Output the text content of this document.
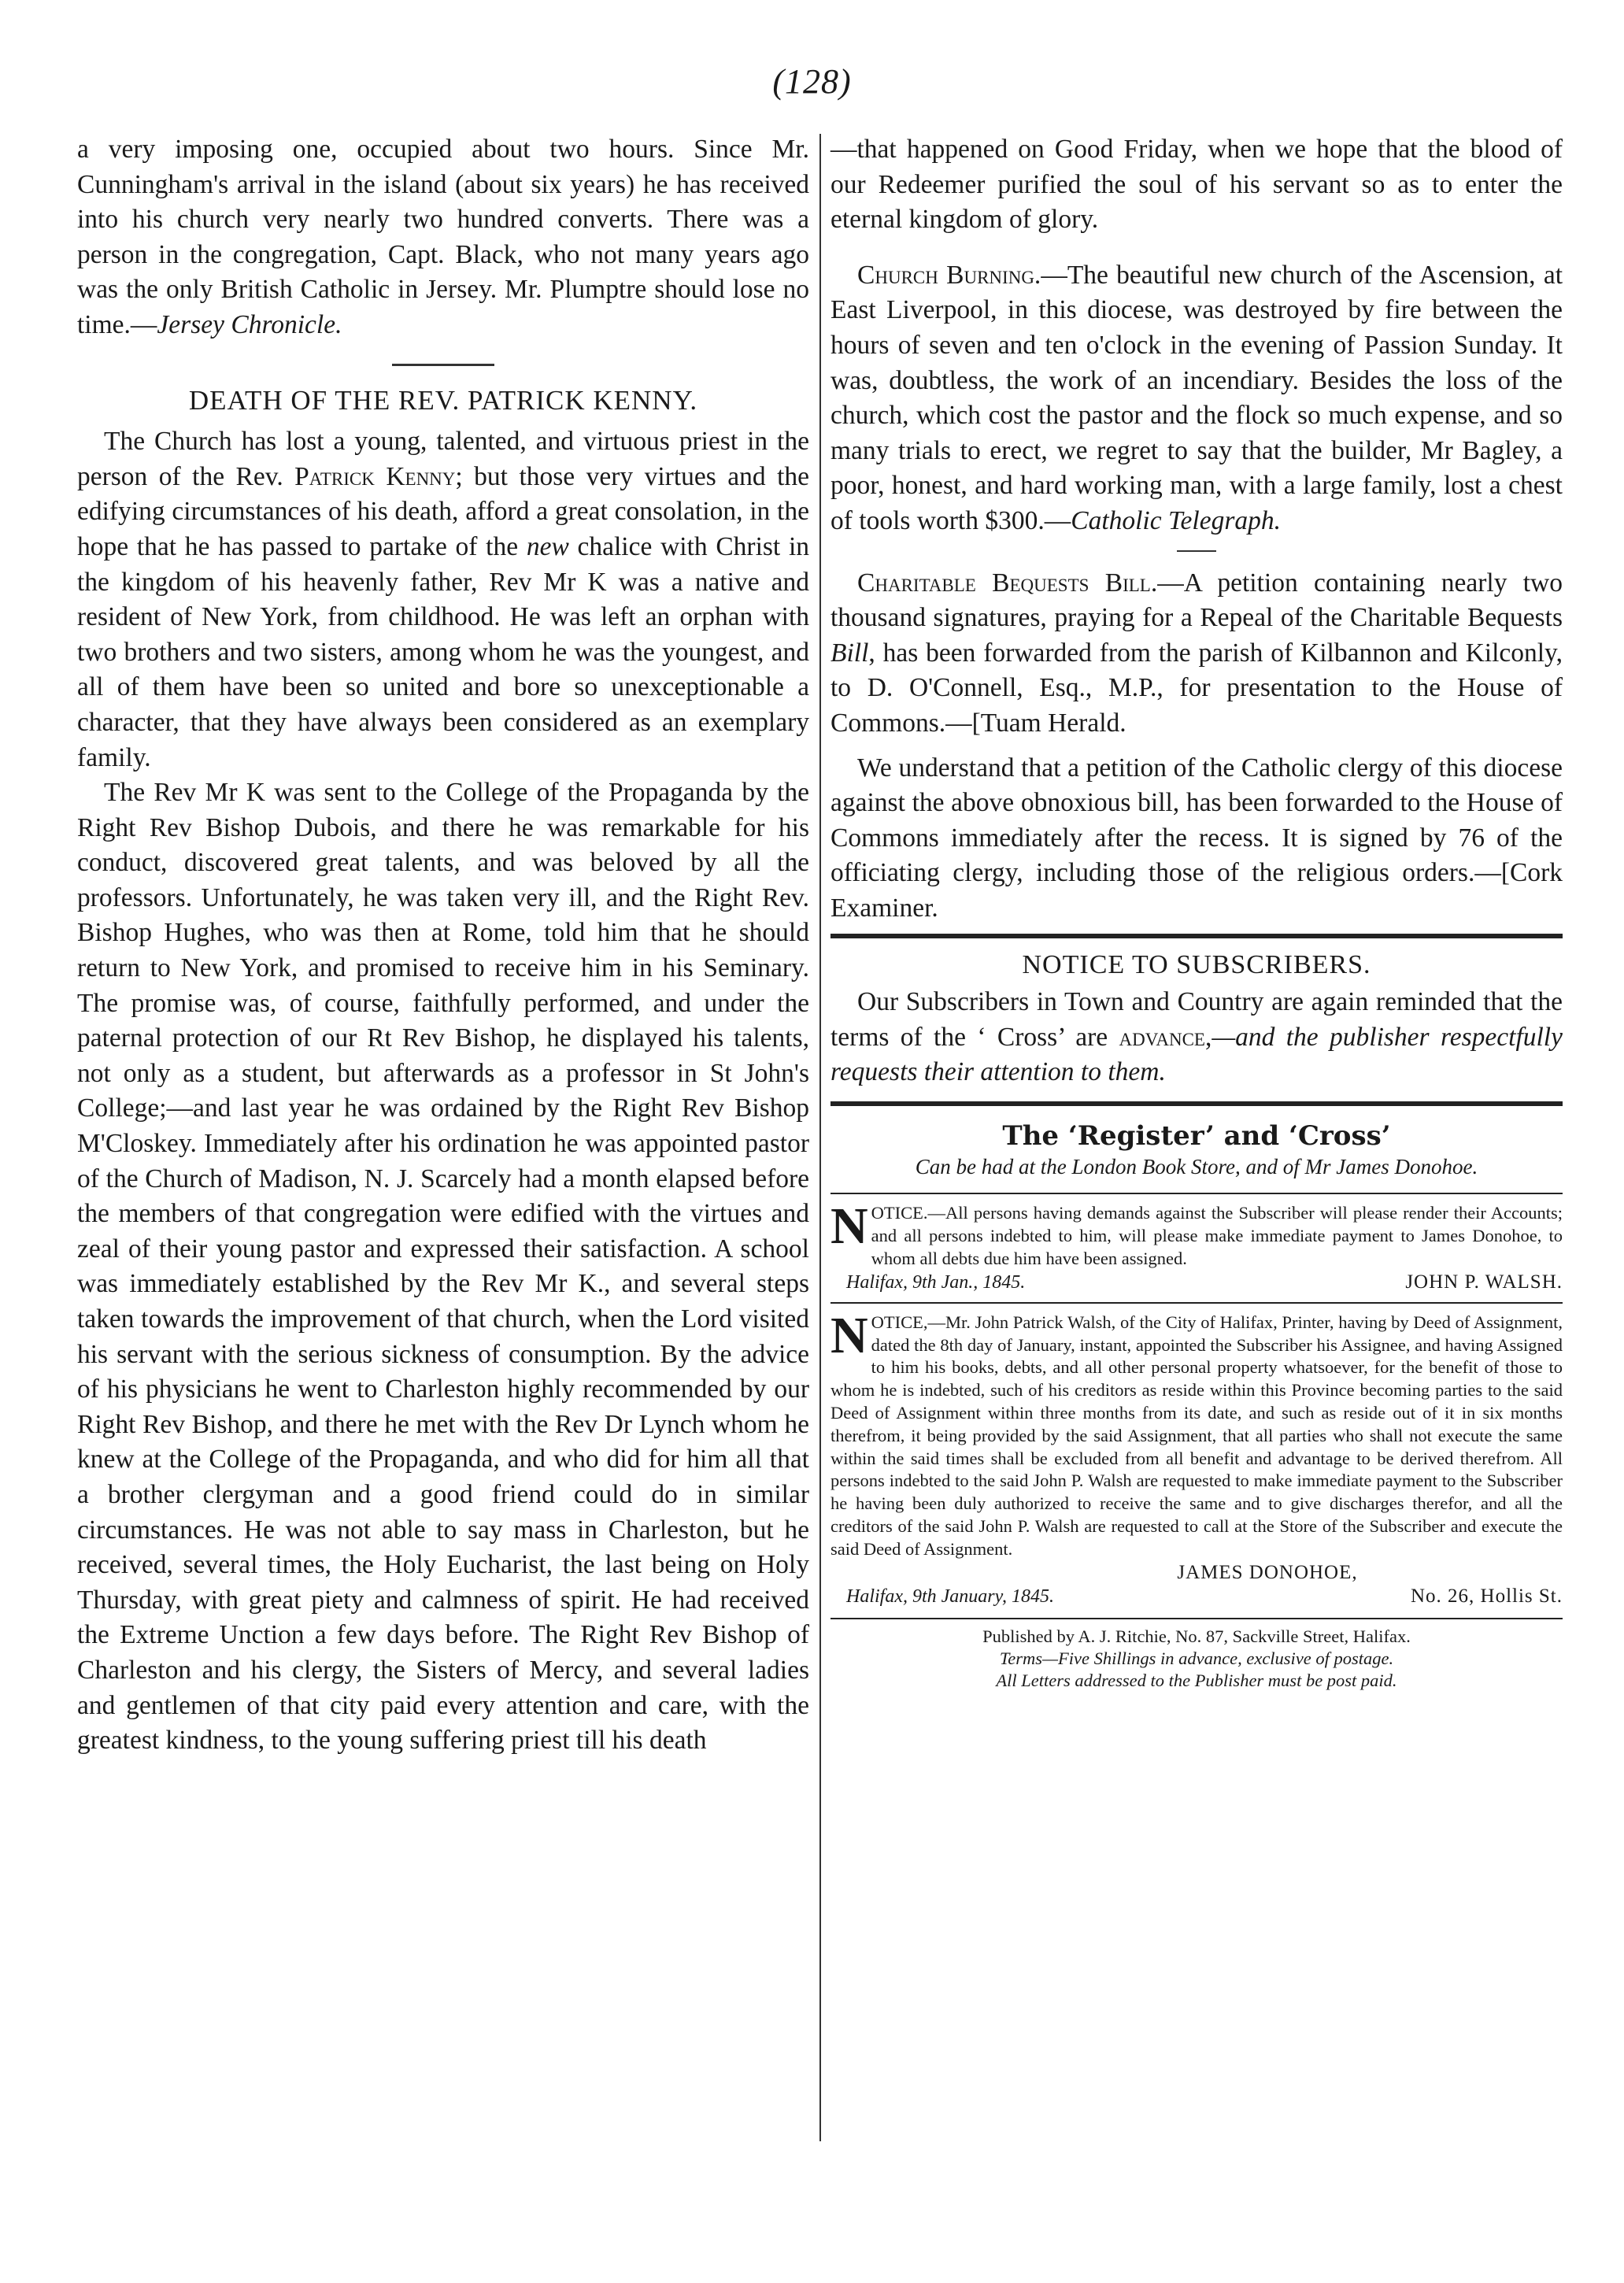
(128)

a very imposing one, occupied about two hours. Since Mr. Cunningham's arrival in the island (about six years) he has received into his church very nearly two hundred converts. There was a person in the congregation, Capt. Black, who not many years ago was the only British Catholic in Jersey. Mr. Plumptre should lose no time.—Jersey Chronicle.

DEATH OF THE REV. PATRICK KENNY.

The Church has lost a young, talented, and virtuous priest in the person of the Rev. Patrick Kenny; but those very virtues and the edifying circumstances of his death, afford a great consolation, in the hope that he has passed to partake of the new chalice with Christ in the kingdom of his heavenly father, Rev Mr K was a native and resident of New York, from childhood. He was left an orphan with two brothers and two sisters, among whom he was the youngest, and all of them have been so united and bore so unexceptionable a character, that they have always been considered as an exemplary family.

The Rev Mr K was sent to the College of the Propaganda by the Right Rev Bishop Dubois, and there he was remarkable for his conduct, discovered great talents, and was beloved by all the professors. Unfortunately, he was taken very ill, and the Right Rev. Bishop Hughes, who was then at Rome, told him that he should return to New York, and promised to receive him in his Seminary. The promise was, of course, faithfully performed, and under the paternal protection of our Rt Rev Bishop, he displayed his talents, not only as a student, but afterwards as a professor in St John's College;—and last year he was ordained by the Right Rev Bishop M'Closkey. Immediately after his ordination he was appointed pastor of the Church of Madison, N. J. Scarcely had a month elapsed before the members of that congregation were edified with the virtues and zeal of their young pastor and expressed their satisfaction. A school was immediately established by the Rev Mr K., and several steps taken towards the improvement of that church, when the Lord visited his servant with the serious sickness of consumption. By the advice of his physicians he went to Charleston highly recommended by our Right Rev Bishop, and there he met with the Rev Dr Lynch whom he knew at the College of the Propaganda, and who did for him all that a brother clergyman and a good friend could do in similar circumstances. He was not able to say mass in Charleston, but he received, several times, the Holy Eucharist, the last being on Holy Thursday, with great piety and calmness of spirit. He had received the Extreme Unction a few days before. The Right Rev Bishop of Charleston and his clergy, the Sisters of Mercy, and several ladies and gentlemen of that city paid every attention and care, with the greatest kindness, to the young suffering priest till his death

—that happened on Good Friday, when we hope that the blood of our Redeemer purified the soul of his servant so as to enter the eternal kingdom of glory.

Church Burning.—The beautiful new church of the Ascension, at East Liverpool, in this diocese, was destroyed by fire between the hours of seven and ten o'clock in the evening of Passion Sunday. It was, doubtless, the work of an incendiary. Besides the loss of the church, which cost the pastor and the flock so much expense, and so many trials to erect, we regret to say that the builder, Mr Bagley, a poor, honest, and hard working man, with a large family, lost a chest of tools worth $300.—Catholic Telegraph.

Charitable Bequests Bill.—A petition containing nearly two thousand signatures, praying for a Repeal of the Charitable Bequests Bill, has been forwarded from the parish of Kilbannon and Kilconly, to D. O'Connell, Esq., M.P., for presentation to the House of Commons.—[Tuam Herald.

We understand that a petition of the Catholic clergy of this diocese against the above obnoxious bill, has been forwarded to the House of Commons immediately after the recess. It is signed by 76 of the officiating clergy, including those of the religious orders.—[Cork Examiner.

NOTICE TO SUBSCRIBERS.

Our Subscribers in Town and Country are again reminded that the terms of the ‘ Cross’ are advance,—and the publisher respectfully requests their attention to them.

The ‘Register’ and ‘Cross’
Can be had at the London Book Store, and of Mr James Donohoe.
NOTICE.—All persons having demands against the Subscriber will please render their Accounts; and all persons indebted to him, will please make immediate payment to James Donohoe, to whom all debts due him have been assigned.
Halifax, 9th Jan., 1845.	JOHN P. WALSH.
NOTICE,—Mr. John Patrick Walsh, of the City of Halifax, Printer, having by Deed of Assignment, dated the 8th day of January, instant, appointed the Subscriber his Assignee, and having Assigned to him his books, debts, and all other personal property whatsoever, for the benefit of those to whom he is indebted, such of his creditors as reside within this Province becoming parties to the said Deed of Assignment within three months from its date, and such as reside out of it in six months therefrom, it being provided by the said Assignment, that all parties who shall not execute the same within the said times shall be excluded from all benefit and advantage to be derived therefrom. All persons indebted to the said John P. Walsh are requested to make immediate payment to the Subscriber he having been duly authorized to receive the same and to give discharges therefor, and all the creditors of the said John P. Walsh are requested to call at the Store of the Subscriber and execute the said Deed of Assignment.
JAMES DONOHOE,
Halifax, 9th January, 1845.	No. 26, Hollis St.
Published by A. J. Ritchie, No. 87, Sackville Street, Halifax.
Terms—Five Shillings in advance, exclusive of postage.
All Letters addressed to the Publisher must be post paid.
